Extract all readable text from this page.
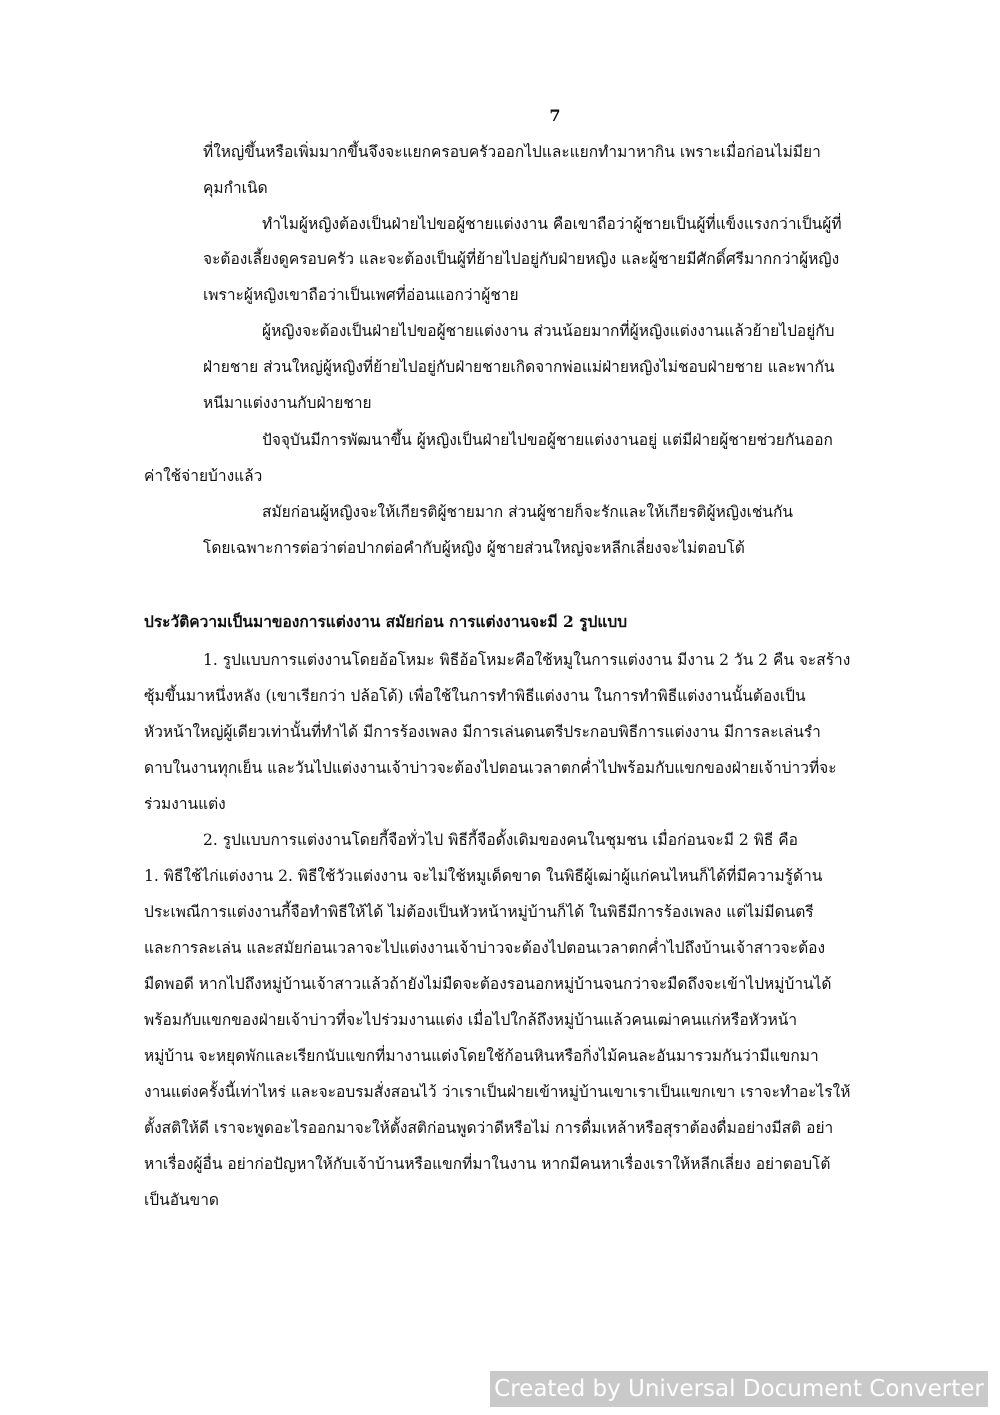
7
ที่ใหญ่ขึ้นหรือเพิ่มมากขึ้นจึงจะแยกครอบครัวออกไปและแยกทำมาหากิน เพราะเมื่อก่อนไม่มียา
คุมกำเนิด
ทำไมผู้หญิงต้องเป็นฝ่ายไปขอผู้ชายแต่งงาน คือเขาถือว่าผู้ชายเป็นผู้ที่แข็งแรงกว่าเป็นผู้ที่
จะต้องเลี้ยงดูครอบครัว และจะต้องเป็นผู้ที่ย้ายไปอยู่กับฝ่ายหญิง และผู้ชายมีศักดิ์ศรีมากกว่าผู้หญิง
เพราะผู้หญิงเขาถือว่าเป็นเพศที่อ่อนแอกว่าผู้ชาย
ผู้หญิงจะต้องเป็นฝ่ายไปขอผู้ชายแต่งงาน ส่วนน้อยมากที่ผู้หญิงแต่งงานแล้วย้ายไปอยู่กับ
ฝ่ายชาย ส่วนใหญ่ผู้หญิงที่ย้ายไปอยู่กับฝ่ายชายเกิดจากพ่อแม่ฝ่ายหญิงไม่ชอบฝ่ายชาย และพากัน
หนีมาแต่งงานกับฝ่ายชาย
ปัจจุบันมีการพัฒนาขึ้น ผู้หญิงเป็นฝ่ายไปขอผู้ชายแต่งงานอยู่ แต่มีฝ่ายผู้ชายช่วยกันออก
ค่าใช้จ่ายบ้างแล้ว
สมัยก่อนผู้หญิงจะให้เกียรติผู้ชายมาก ส่วนผู้ชายก็จะรักและให้เกียรติผู้หญิงเช่นกัน
โดยเฉพาะการต่อว่าต่อปากต่อคำกับผู้หญิง ผู้ชายส่วนใหญ่จะหลีกเลี่ยงจะไม่ตอบโต้
ประวัติความเป็นมาของการแต่งงาน สมัยก่อน การแต่งงานจะมี 2 รูปแบบ
1. รูปแบบการแต่งงานโดยอ้อโหมะ พิธีอ้อโหมะคือใช้หมูในการแต่งงาน มีงาน 2 วัน 2 คืน จะสร้าง
ซุ้มขึ้นมาหนึ่งหลัง (เขาเรียกว่า ปล้อโด้) เพื่อใช้ในการทำพิธีแต่งงาน ในการทำพิธีแต่งงานนั้นต้องเป็น
หัวหน้าใหญ่ผู้เดียวเท่านั้นที่ทำได้ มีการร้องเพลง มีการเล่นดนตรีประกอบพิธีการแต่งงาน มีการละเล่นรำ
ดาบในงานทุกเย็น และวันไปแต่งงานเจ้าบ่าวจะต้องไปตอนเวลาตกค่ำไปพร้อมกับแขกของฝ่ายเจ้าบ่าวที่จะ
ร่วมงานแต่ง
2. รูปแบบการแต่งงานโดยกี้จือทั่วไป พิธีกี้จือดั้งเดิมของคนในชุมชน เมื่อก่อนจะมี 2 พิธี คือ
1. พิธีใช้ไก่แต่งงาน 2. พิธีใช้วัวแต่งงาน จะไม่ใช้หมูเด็ดขาด ในพิธีผู้เฒ่าผู้แก่คนไหนก็ได้ที่มีความรู้ด้าน
ประเพณีการแต่งงานกี้จือทำพิธีให้ได้ ไม่ต้องเป็นหัวหน้าหมู่บ้านก็ได้ ในพิธีมีการร้องเพลง แต่ไม่มีดนตรี
และการละเล่น และสมัยก่อนเวลาจะไปแต่งงานเจ้าบ่าวจะต้องไปตอนเวลาตกค่ำไปถึงบ้านเจ้าสาวจะต้อง
มืดพอดี หากไปถึงหมู่บ้านเจ้าสาวแล้วถ้ายังไม่มืดจะต้องรอนอกหมู่บ้านจนกว่าจะมืดถึงจะเข้าไปหมู่บ้านได้
พร้อมกับแขกของฝ่ายเจ้าบ่าวที่จะไปร่วมงานแต่ง เมื่อไปใกล้ถึงหมู่บ้านแล้วคนเฒ่าคนแก่หรือหัวหน้า
หมู่บ้าน จะหยุดพักและเรียกนับแขกที่มางานแต่งโดยใช้ก้อนหินหรือกิ่งไม้คนละอันมารวมกันว่ามีแขกมา
งานแต่งครั้งนี้เท่าไหร่ และจะอบรมสั่งสอนไว้ ว่าเราเป็นฝ่ายเข้าหมู่บ้านเขาเราเป็นแขกเขา เราจะทำอะไรให้
ตั้งสติให้ดี เราจะพูดอะไรออกมาจะให้ตั้งสติก่อนพูดว่าดีหรือไม่ การดื่มเหล้าหรือสุราต้องดื่มอย่างมีสติ อย่า
หาเรื่องผู้อื่น อย่าก่อปัญหาให้กับเจ้าบ้านหรือแขกที่มาในงาน หากมีคนหาเรื่องเราให้หลีกเลี่ยง อย่าตอบโต้
เป็นอันขาด
Created by Universal Document Converter
